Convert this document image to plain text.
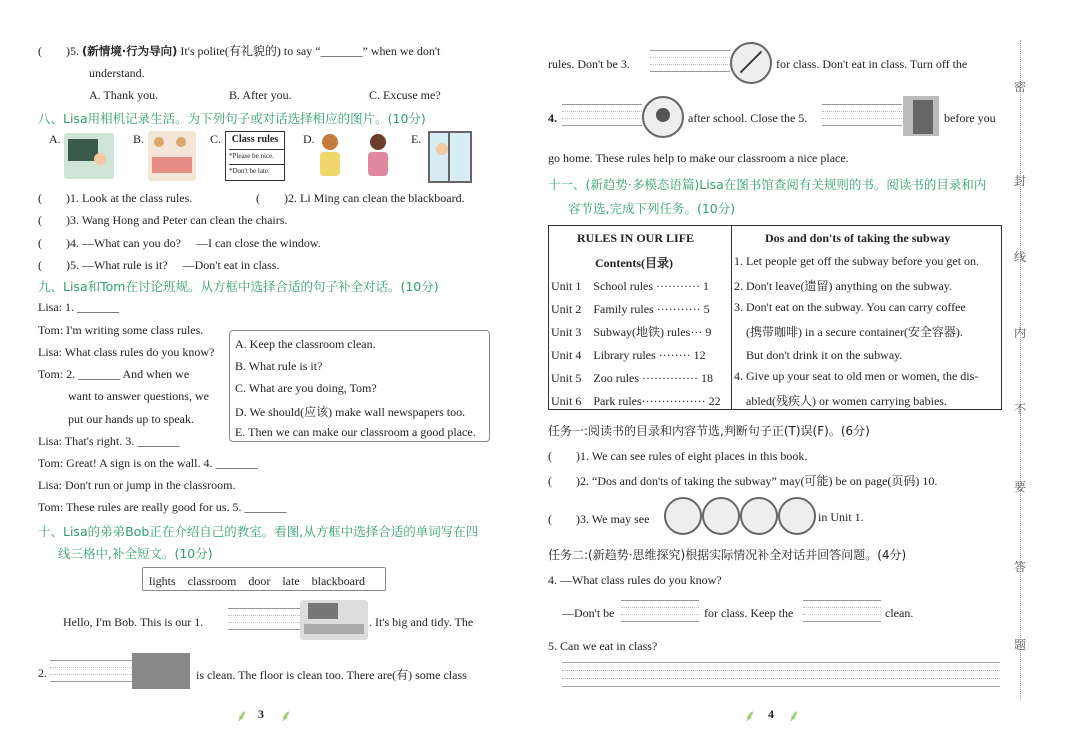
(　　)5. (新情境·行为导向) It's polite(有礼貌的) to say “_______” when we don't
understand.
A. Thank you.	B. After you.	C. Excuse me?
八、Lisa用相机记录生活。为下列句子或对话选择相应的图片。(10分)
A.	B.	C.	Class rules
*Please be nice.
*Don't be late.
D.	E.
(　　)1. Look at the class rules.	(　　)2. Li Ming can clean the blackboard.
(　　)3. Wang Hong and Peter can clean the chairs.
(　　)4. —What can you do?　 —I can close the window.
(　　)5. —What rule is it?　 —Don't eat in class.
九、Lisa和Tom在讨论班规。从方框中选择合适的句子补全对话。(10分)
Lisa: 1. _______
Tom: I'm writing some class rules.
Lisa: What class rules do you know?
Tom: 2. _______ And when we
want to answer questions, we
put our hands up to speak.
Lisa: That's right. 3. _______
Tom: Great! A sign is on the wall. 4. _______
Lisa: Don't run or jump in the classroom.
Tom: These rules are really good for us. 5. _______
A. Keep the classroom clean.
B. What rule is it?
C. What are you doing, Tom?
D. We should(应该) make wall newspapers too.
E. Then we can make our classroom a good place.
十、Lisa的弟弟Bob正在介绍自己的教室。看图,从方框中选择合适的单词写在四
线三格中,补全短文。(10分)
lights　classroom　door　late　blackboard
Hello, I'm Bob. This is our 1.	. It's big and tidy. The
2.	is clean. The floor is clean too. There are(有) some class
⸙ 3 ⸙
rules. Don't be 3.	for class. Don't eat in class. Turn off the
4.	after school. Close the 5.	before you
go home. These rules help to make our classroom a nice place.
十一、(新趋势·多模态语篇)Lisa在图书馆查阅有关规则的书。阅读书的目录和内
容节选,完成下列任务。(10分)
RULES IN OUR LIFE
Contents(目录)
Dos and don'ts of taking the subway
Unit 1　 School rules ··········· 1
Unit 2　 Family rules ··········· 5
Unit 3　 Subway(地铁) rules··· 9
Unit 4　 Library rules ········ 12
Unit 5　 Zoo rules ·············· 18
Unit 6　 Park rules················ 22
1. Let people get off the subway before you get on.
2. Don't leave(遗留) anything on the subway.
3. Don't eat on the subway. You can carry coffee
　(携带咖啡) in a secure container(安全容器).
　But don't drink it on the subway.
4. Give up your seat to old men or women, the dis-
　abled(残疾人) or women carrying babies.
任务一:阅读书的目录和内容节选,判断句子正(T)误(F)。(6分)
(　　)1. We can see rules of eight places in this book.
(　　)2. “Dos and don'ts of taking the subway” may(可能) be on page(页码) 10.
(　　)3. We may see	in Unit 1.
任务二:(新趋势·思维探究)根据实际情况补全对话并回答问题。(4分)
4. —What class rules do you know?
—Don't be	for class. Keep the	clean.
5. Can we eat in class?
⸙ 4 ⸙
密
封
线
内
不
要
答
题
